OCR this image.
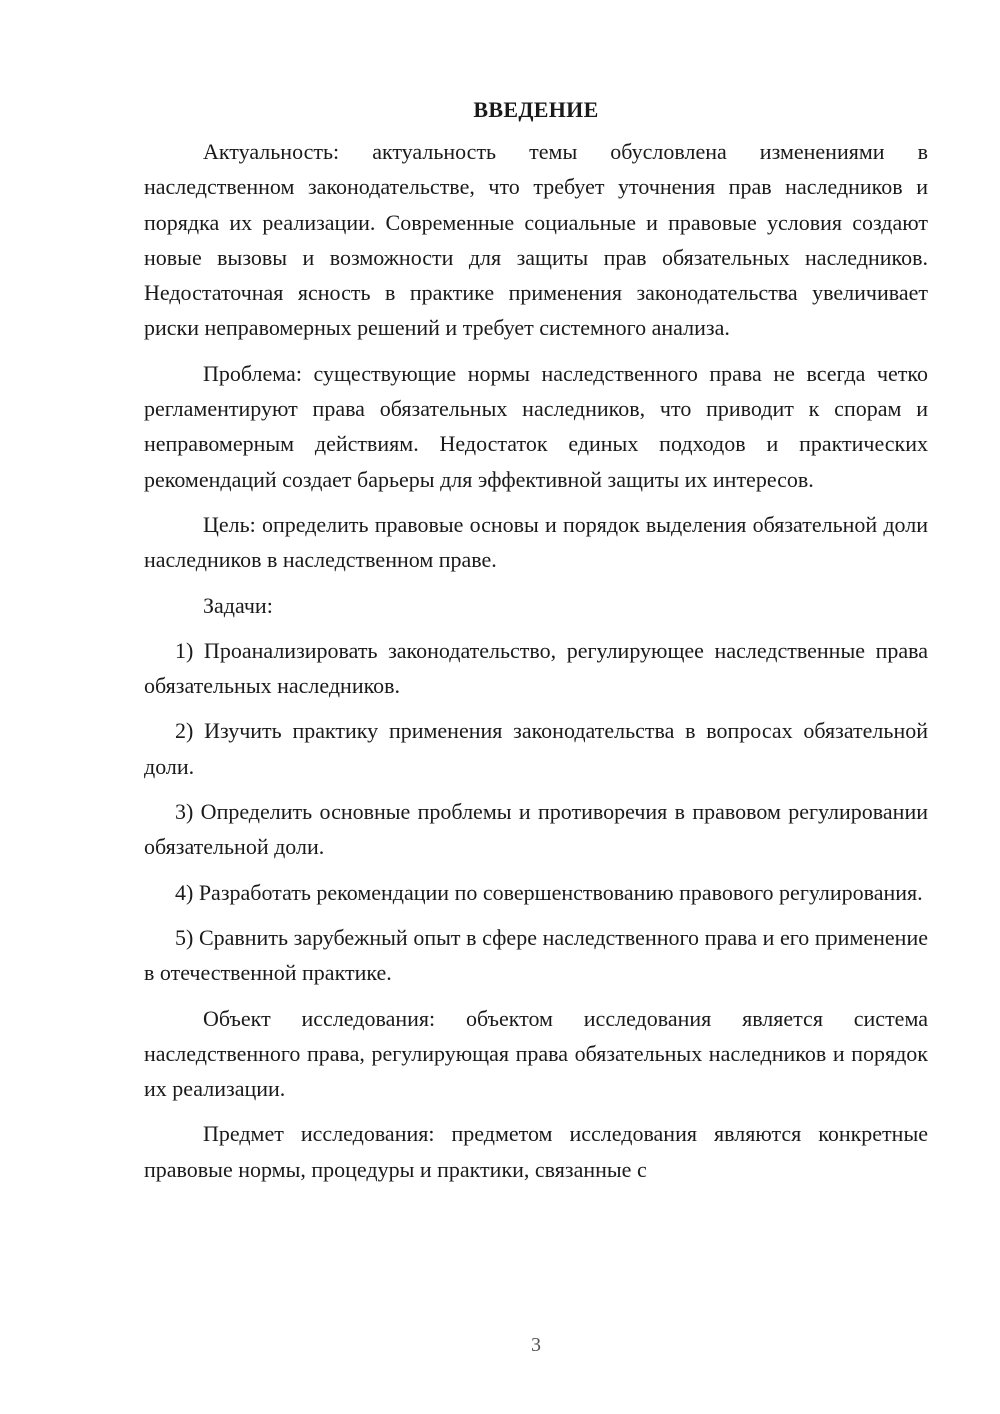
ВВЕДЕНИЕ

Актуальность: актуальность темы обусловлена изменениями в наследственном законодательстве, что требует уточнения прав наследников и порядка их реализации. Современные социальные и правовые условия создают новые вызовы и возможности для защиты прав обязательных наследников. Недостаточная ясность в практике применения законодательства увеличивает риски неправомерных решений и требует системного анализа.

Проблема: существующие нормы наследственного права не всегда четко регламентируют права обязательных наследников, что приводит к спорам и неправомерным действиям. Недостаток единых подходов и практических рекомендаций создает барьеры для эффективной защиты их интересов.

Цель: определить правовые основы и порядок выделения обязательной доли наследников в наследственном праве.

Задачи:

1) Проанализировать законодательство, регулирующее наследственные права обязательных наследников.

2) Изучить практику применения законодательства в вопросах обязательной доли.

3) Определить основные проблемы и противоречия в правовом регулировании обязательной доли.

4) Разработать рекомендации по совершенствованию правового регулирования.

5) Сравнить зарубежный опыт в сфере наследственного права и его применение в отечественной практике.

Объект исследования: объектом исследования является система наследственного права, регулирующая права обязательных наследников и порядок их реализации.

Предмет исследования: предметом исследования являются конкретные правовые нормы, процедуры и практики, связанные с

3
